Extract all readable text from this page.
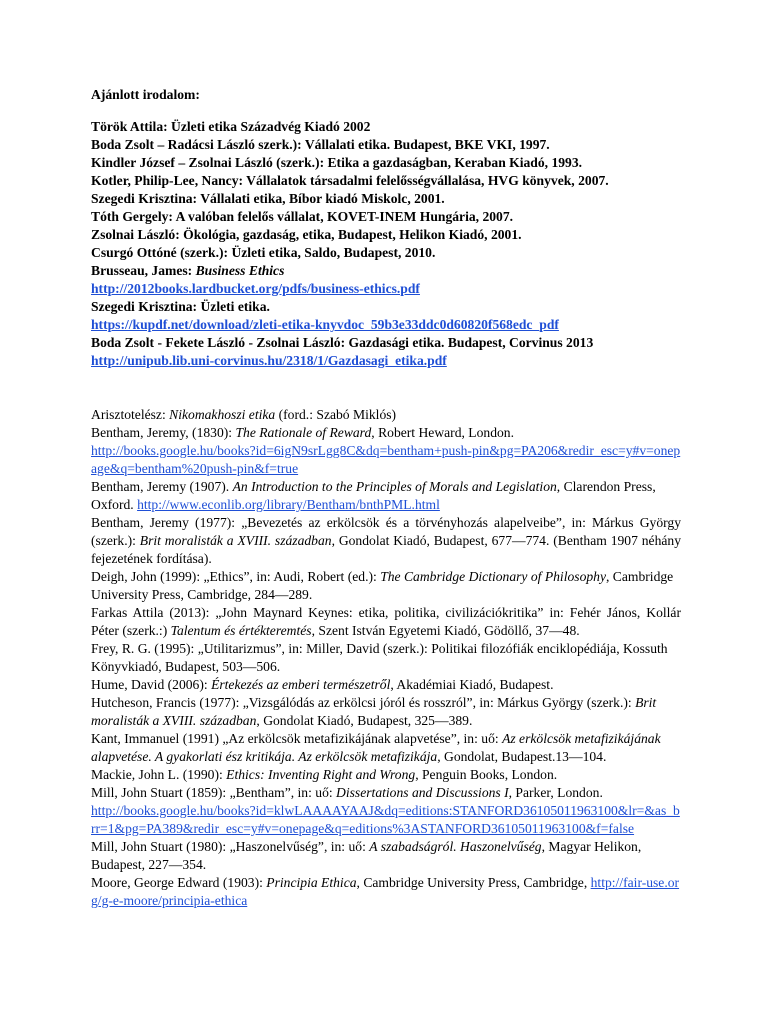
Ajánlott irodalom:
Török Attila: Üzleti etika Századvég Kiadó 2002
Boda Zsolt – Radácsi László szerk.): Vállalati etika. Budapest, BKE VKI, 1997.
Kindler József – Zsolnai László (szerk.): Etika a gazdaságban, Keraban Kiadó, 1993.
Kotler, Philip-Lee, Nancy: Vállalatok társadalmi felelősségvállalása, HVG könyvek, 2007.
Szegedi Krisztina: Vállalati etika, Bíbor kiadó Miskolc, 2001.
Tóth Gergely: A valóban felelős vállalat, KOVET-INEM Hungária, 2007.
Zsolnai László: Ökológia, gazdaság, etika, Budapest, Helikon Kiadó, 2001.
Csurgó Ottóné (szerk.): Üzleti etika, Saldo, Budapest, 2010.
Brusseau, James: Business Ethics
http://2012books.lardbucket.org/pdfs/business-ethics.pdf
Szegedi Krisztina: Üzleti etika.
https://kupdf.net/download/zleti-etika-knyvdoc_59b3e33ddc0d60820f568edc_pdf
Boda Zsolt - Fekete László - Zsolnai László: Gazdasági etika. Budapest, Corvinus 2013
http://unipub.lib.uni-corvinus.hu/2318/1/Gazdasagi_etika.pdf
Arisztotelész: Nikomakhoszi etika (ford.: Szabó Miklós)
Bentham, Jeremy, (1830): The Rationale of Reward, Robert Heward, London.
http://books.google.hu/books?id=6igN9srLgg8C&dq=bentham+push-pin&pg=PA206&redir_esc=y#v=onepage&q=bentham%20push-pin&f=true
Bentham, Jeremy (1907). An Introduction to the Principles of Morals and Legislation, Clarendon Press, Oxford. http://www.econlib.org/library/Bentham/bnthPML.html
Bentham, Jeremy (1977): „Bevezetés az erkölcsök és a törvényhozás alapelveibe”, in: Márkus György (szerk.): Brit moralisták a XVIII. században, Gondolat Kiadó, Budapest, 677—774. (Bentham 1907 néhány fejezetének fordítása).
Deigh, John (1999): „Ethics”, in: Audi, Robert (ed.): The Cambridge Dictionary of Philosophy, Cambridge University Press, Cambridge, 284—289.
Farkas Attila (2013): „John Maynard Keynes: etika, politika, civilizációkritika” in: Fehér János, Kollár Péter (szerk.:) Talentum és értékteremtés, Szent István Egyetemi Kiadó, Gödöllő, 37—48.
Frey, R. G. (1995): „Utilitarizmus”, in: Miller, David (szerk.): Politikai filozófiák enciklopédiája, Kossuth Könyvkiadó, Budapest, 503—506.
Hume, David (2006): Értekezés az emberi természetről, Akadémiai Kiadó, Budapest.
Hutcheson, Francis (1977): „Vizsgálódás az erkölcsi jóról és rosszról”, in: Márkus György (szerk.): Brit moralisták a XVIII. században, Gondolat Kiadó, Budapest, 325—389.
Kant, Immanuel (1991) „Az erkölcsök metafizikájának alapvetése”, in: uő: Az erkölcsök metafizikájának alapvetése. A gyakorlati ész kritikája. Az erkölcsök metafizikája, Gondolat, Budapest.13—104.
Mackie, John L. (1990): Ethics: Inventing Right and Wrong, Penguin Books, London.
Mill, John Stuart (1859): „Bentham”, in: uő: Dissertations and Discussions I, Parker, London.
http://books.google.hu/books?id=klwLAAAAYAAJ&dq=editions:STANFORD36105011963100&lr=&as_brr=1&pg=PA389&redir_esc=y#v=onepage&q=editions%3ASTANFORD36105011963100&f=false
Mill, John Stuart (1980): „Haszonelvűség”, in: uő: A szabadságról. Haszonelvűség, Magyar Helikon, Budapest, 227—354.
Moore, George Edward (1903): Principia Ethica, Cambridge University Press, Cambridge, http://fair-use.org/g-e-moore/principia-ethica
